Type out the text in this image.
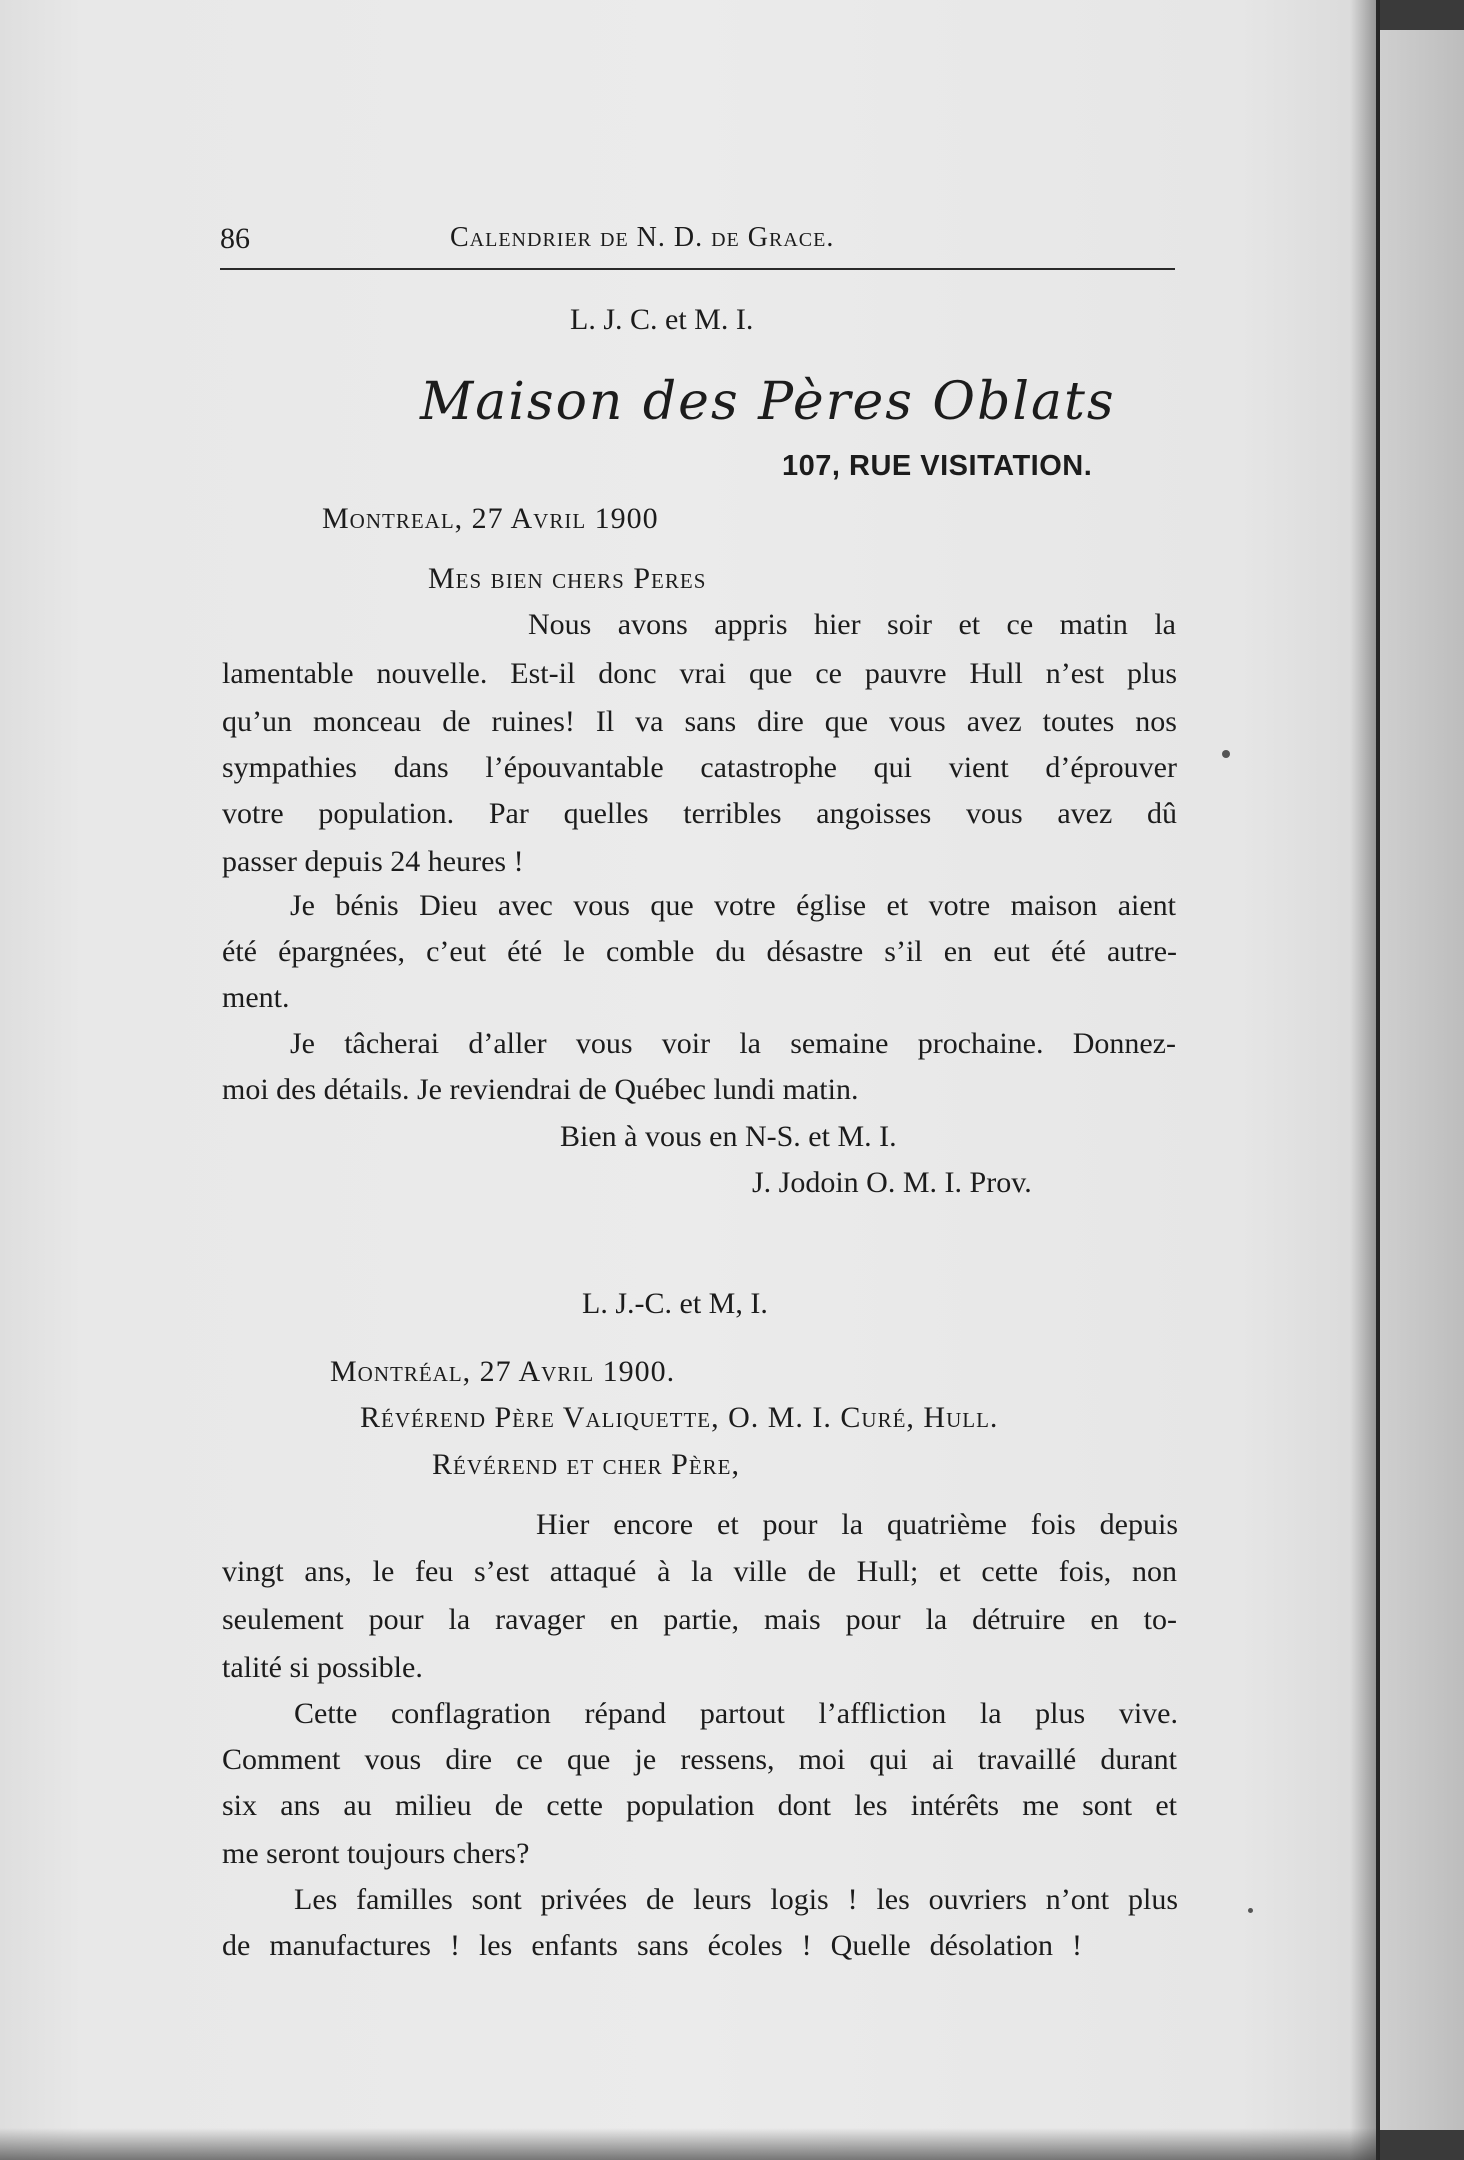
86	Calendrier de N. D. de Grace.
L. J. C. et M. I.
Maison des Pères Oblats
107, RUE VISITATION.
Montreal, 27 Avril 1900
Mes bien chers Peres
Nous avons appris hier soir et ce matin la
lamentable nouvelle. Est-il donc vrai que ce pauvre Hull n’est plus
qu’un monceau de ruines! Il va sans dire que vous avez toutes nos
sympathies dans l’épouvantable catastrophe qui vient d’éprouver
votre population. Par quelles terribles angoisses vous avez dû
passer depuis 24 heures !
Je bénis Dieu avec vous que votre église et votre maison aient
été épargnées, c’eut été le comble du désastre s’il en eut été autre-
ment.
Je tâcherai d’aller vous voir la semaine prochaine. Donnez-
moi des détails. Je reviendrai de Québec lundi matin.
Bien à vous en N-S. et M. I.
J. Jodoin O. M. I. Prov.
L. J.-C. et M, I.
Montréal, 27 Avril 1900.
Révérend Père Valiquette, O. M. I. Curé, Hull.
Révérend et cher Père,
Hier encore et pour la quatrième fois depuis
vingt ans, le feu s’est attaqué à la ville de Hull; et cette fois, non
seulement pour la ravager en partie, mais pour la détruire en to-
talité si possible.
Cette conflagration répand partout l’affliction la plus vive.
Comment vous dire ce que je ressens, moi qui ai travaillé durant
six ans au milieu de cette population dont les intérêts me sont et
me seront toujours chers?
Les familles sont privées de leurs logis ! les ouvriers n’ont plus
de manufactures ! les enfants sans écoles ! Quelle désolation !
